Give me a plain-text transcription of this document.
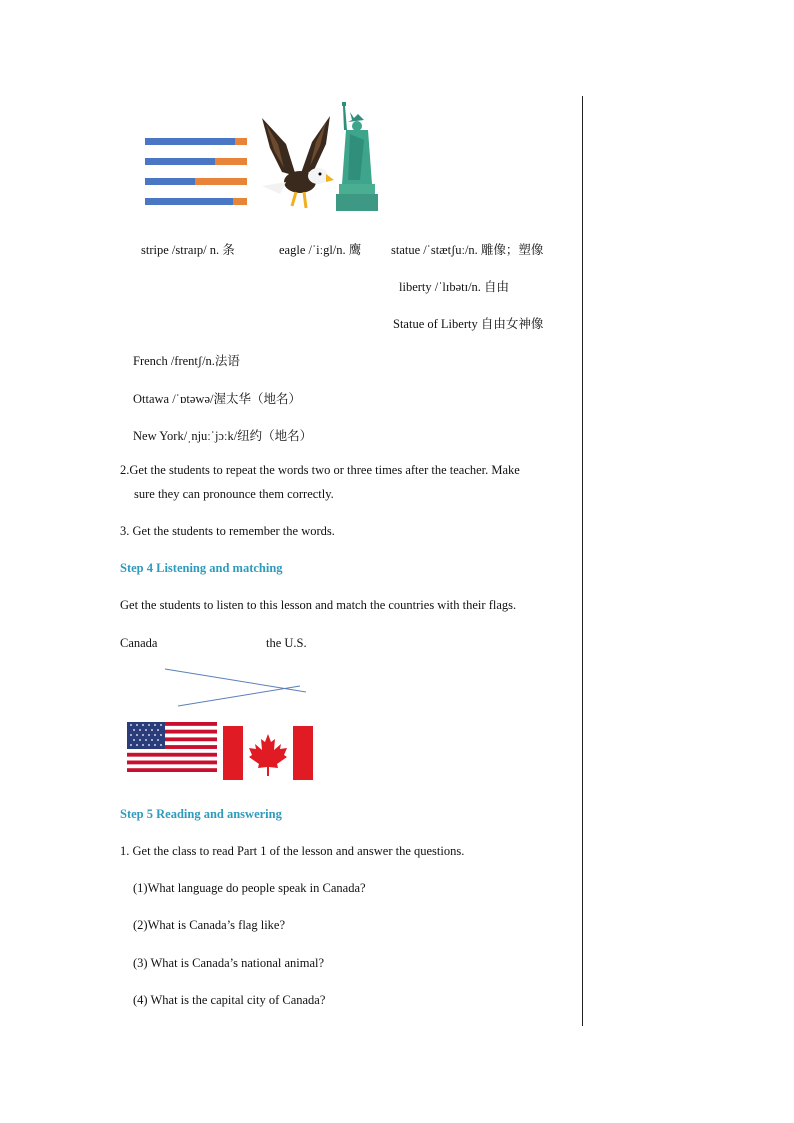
stripe /straɪp/ n. 条	eagle /ˈiːgl/n. 鹰 statue /ˈstætʃuː/n. 雕像；塑像
liberty /ˈlɪbətɪ/n. 自由
Statue of Liberty 自由女神像
French /frentʃ/n.法语
Ottawa /ˈɒtəwə/渥太华（地名）
New York/ˌnjuːˈjɔːk/纽约（地名）
2.Get the students to repeat the words two or three times after the teacher. Make
sure they can pronounce them correctly.
3. Get the students to remember the words.
Step 4 Listening and matching
Get the students to listen to this lesson and match the countries with their flags.
Canada	the U.S.
Step 5 Reading and answering
1. Get the class to read Part 1 of the lesson and answer the questions.
(1)What language do people speak in Canada?
(2)What is Canada’s flag like?
(3) What is Canada’s national animal?
(4) What is the capital city of Canada?
